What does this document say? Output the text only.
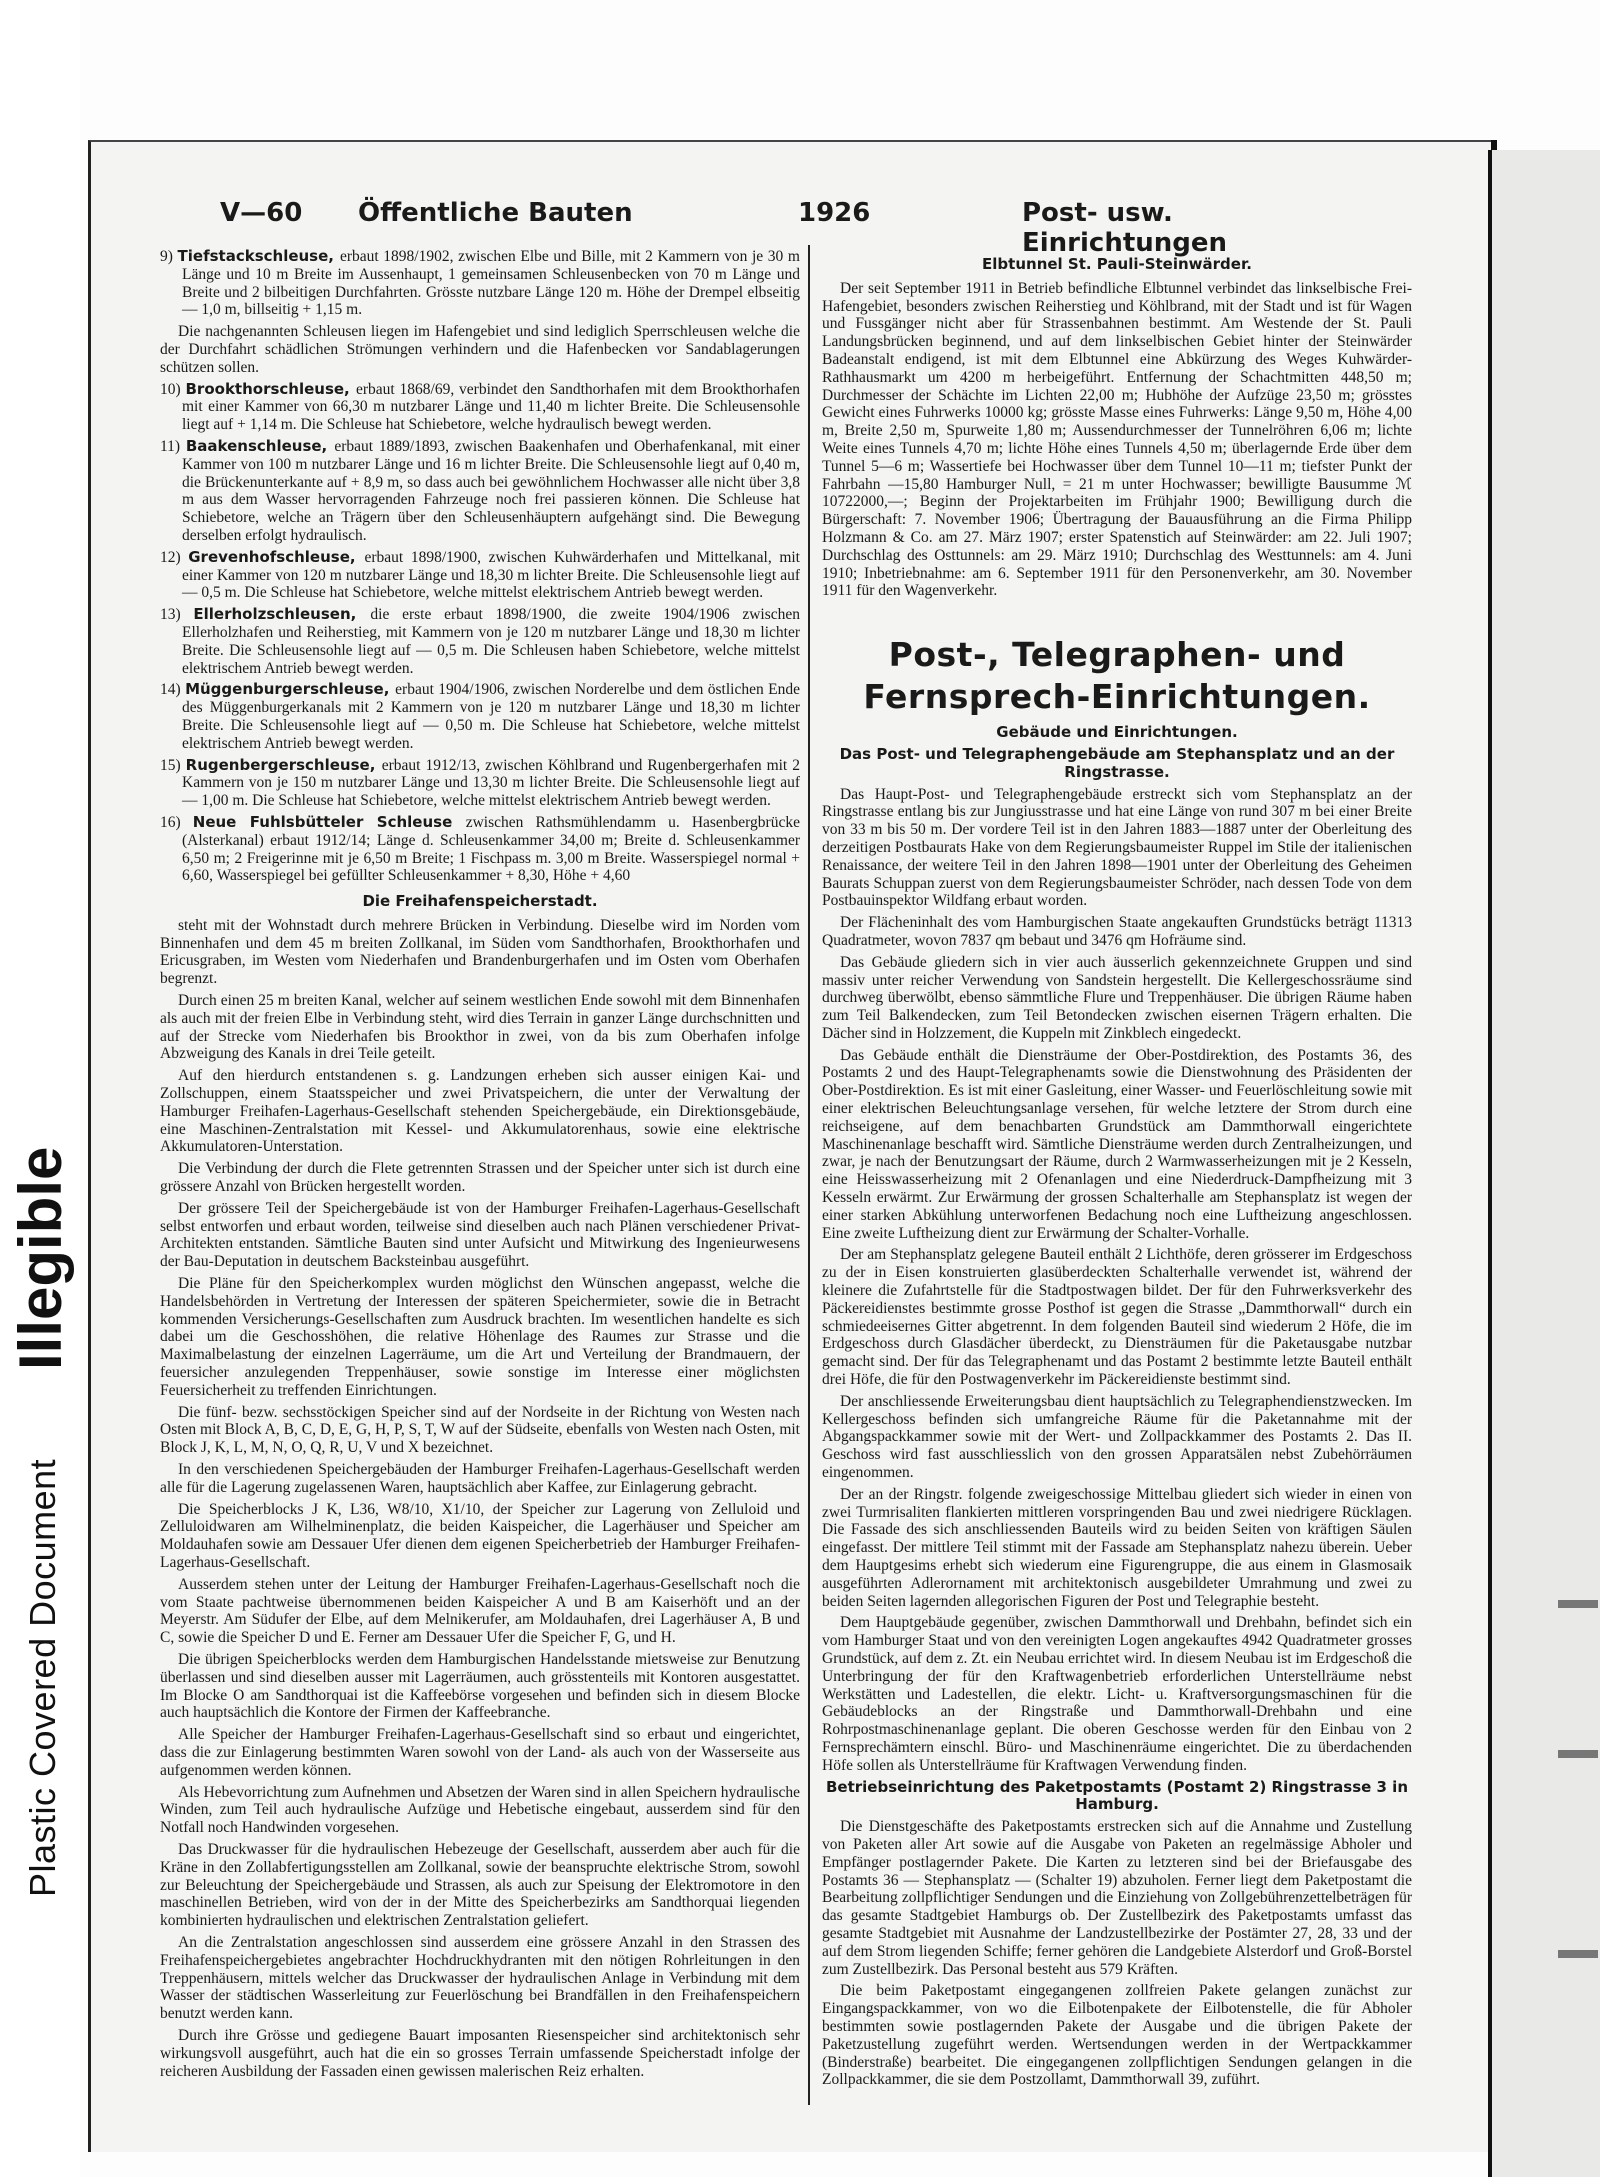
Illegible
Plastic Covered Document
V—60 Öffentliche Bauten	1926	Post- usw. Einrichtungen
9) Tiefstackschleuse, erbaut 1898/1902, zwischen Elbe und Bille, mit 2 Kammern von je 30 m Länge und 10 m Breite im Aussenhaupt, 1 gemeinsamen Schleusenbecken von 70 m Länge und Breite und 2 bilbeitigen Durchfahrten. Grösste nutzbare Länge 120 m. Höhe der Drempel elbseitig — 1,0 m, billseitig + 1,15 m.
Die nachgenannten Schleusen liegen im Hafengebiet und sind lediglich Sperrschleusen welche die der Durchfahrt schädlichen Strömungen verhindern und die Hafenbecken vor Sandablagerungen schützen sollen.
10) Brookthorschleuse, erbaut 1868/69, verbindet den Sandthorhafen mit dem Brookthorhafen mit einer Kammer von 66,30 m nutzbarer Länge und 11,40 m lichter Breite. Die Schleusensohle liegt auf + 1,14 m. Die Schleuse hat Schiebetore, welche hydraulisch bewegt werden.
11) Baakenschleuse, erbaut 1889/1893, zwischen Baakenhafen und Oberhafenkanal, mit einer Kammer von 100 m nutzbarer Länge und 16 m lichter Breite. Die Schleusensohle liegt auf 0,40 m, die Brückenunterkante auf + 8,9 m, so dass auch bei gewöhnlichem Hochwasser alle nicht über 3,8 m aus dem Wasser hervorragenden Fahrzeuge noch frei passieren können. Die Schleuse hat Schiebetore, welche an Trägern über den Schleusenhäuptern aufgehängt sind. Die Bewegung derselben erfolgt hydraulisch.
12) Grevenhofschleuse, erbaut 1898/1900, zwischen Kuhwärderhafen und Mittelkanal, mit einer Kammer von 120 m nutzbarer Länge und 18,30 m lichter Breite. Die Schleusensohle liegt auf — 0,5 m. Die Schleuse hat Schiebetore, welche mittelst elektrischem Antrieb bewegt werden.
13) Ellerholzschleusen, die erste erbaut 1898/1900, die zweite 1904/1906 zwischen Ellerholzhafen und Reiherstieg, mit Kammern von je 120 m nutzbarer Länge und 18,30 m lichter Breite. Die Schleusensohle liegt auf — 0,5 m. Die Schleusen haben Schiebetore, welche mittelst elektrischem Antrieb bewegt werden.
14) Müggenburgerschleuse, erbaut 1904/1906, zwischen Norderelbe und dem östlichen Ende des Müggenburgerkanals mit 2 Kammern von je 120 m nutzbarer Länge und 18,30 m lichter Breite. Die Schleusensohle liegt auf — 0,50 m. Die Schleuse hat Schiebetore, welche mittelst elektrischem Antrieb bewegt werden.
15) Rugenbergerschleuse, erbaut 1912/13, zwischen Köhlbrand und Rugenbergerhafen mit 2 Kammern von je 150 m nutzbarer Länge und 13,30 m lichter Breite. Die Schleusensohle liegt auf — 1,00 m. Die Schleuse hat Schiebetore, welche mittelst elektrischem Antrieb bewegt werden.
16) Neue Fuhlsbütteler Schleuse zwischen Rathsmühlendamm u. Hasenbergbrücke (Alsterkanal) erbaut 1912/14; Länge d. Schleusenkammer 34,00 m; Breite d. Schleusenkammer 6,50 m; 2 Freigerinne mit je 6,50 m Breite; 1 Fischpass m. 3,00 m Breite. Wasserspiegel normal + 6,60, Wasserspiegel bei gefüllter Schleusenkammer + 8,30, Höhe + 4,60
Die Freihafenspeicherstadt.

steht mit der Wohnstadt durch mehrere Brücken in Verbindung. Dieselbe wird im Norden vom Binnenhafen und dem 45 m breiten Zollkanal, im Süden vom Sandthorhafen, Brookthorhafen und Ericusgraben, im Westen vom Niederhafen und Brandenburgerhafen und im Osten vom Oberhafen begrenzt.

Durch einen 25 m breiten Kanal, welcher auf seinem westlichen Ende sowohl mit dem Binnenhafen als auch mit der freien Elbe in Verbindung steht, wird dies Terrain in ganzer Länge durchschnitten und auf der Strecke vom Niederhafen bis Brookthor in zwei, von da bis zum Oberhafen infolge Abzweigung des Kanals in drei Teile geteilt.

Auf den hierdurch entstandenen s. g. Landzungen erheben sich ausser einigen Kai- und Zollschuppen, einem Staatsspeicher und zwei Privatspeichern, die unter der Verwaltung der Hamburger Freihafen-Lagerhaus-Gesellschaft stehenden Speichergebäude, ein Direktionsgebäude, eine Maschinen-Zentralstation mit Kessel- und Akkumulatorenhaus, sowie eine elektrische Akkumulatoren-Unterstation.

Die Verbindung der durch die Flete getrennten Strassen und der Speicher unter sich ist durch eine grössere Anzahl von Brücken hergestellt worden.

Der grössere Teil der Speichergebäude ist von der Hamburger Freihafen-Lagerhaus-Gesellschaft selbst entworfen und erbaut worden, teilweise sind dieselben auch nach Plänen verschiedener Privat-Architekten entstanden. Sämtliche Bauten sind unter Aufsicht und Mitwirkung des Ingenieurwesens der Bau-Deputation in deutschem Backsteinbau ausgeführt.

Die Pläne für den Speicherkomplex wurden möglichst den Wünschen angepasst, welche die Handelsbehörden in Vertretung der Interessen der späteren Speichermieter, sowie die in Betracht kommenden Versicherungs-Gesellschaften zum Ausdruck brachten. Im wesentlichen handelte es sich dabei um die Geschosshöhen, die relative Höhenlage des Raumes zur Strasse und die Maximalbelastung der einzelnen Lagerräume, um die Art und Verteilung der Brandmauern, der feuersicher anzulegenden Treppenhäuser, sowie sonstige im Interesse einer möglichsten Feuersicherheit zu treffenden Einrichtungen.

Die fünf- bezw. sechsstöckigen Speicher sind auf der Nordseite in der Richtung von Westen nach Osten mit Block A, B, C, D, E, G, H, P, S, T, W auf der Südseite, ebenfalls von Westen nach Osten, mit Block J, K, L, M, N, O, Q, R, U, V und X bezeichnet.

In den verschiedenen Speichergebäuden der Hamburger Freihafen-Lagerhaus-Gesellschaft werden alle für die Lagerung zugelassenen Waren, hauptsächlich aber Kaffee, zur Einlagerung gebracht.

Die Speicherblocks J K, L36, W8/10, X1/10, der Speicher zur Lagerung von Zelluloid und Zelluloidwaren am Wilhelminenplatz, die beiden Kaispeicher, die Lagerhäuser und Speicher am Moldauhafen sowie am Dessauer Ufer dienen dem eigenen Speicherbetrieb der Hamburger Freihafen-Lagerhaus-Gesellschaft.

Ausserdem stehen unter der Leitung der Hamburger Freihafen-Lagerhaus-Gesellschaft noch die vom Staate pachtweise übernommenen beiden Kaispeicher A und B am Kaiserhöft und an der Meyerstr. Am Südufer der Elbe, auf dem Melnikerufer, am Moldauhafen, drei Lagerhäuser A, B und C, sowie die Speicher D und E. Ferner am Dessauer Ufer die Speicher F, G, und H.

Die übrigen Speicherblocks werden dem Hamburgischen Handelsstande mietsweise zur Benutzung überlassen und sind dieselben ausser mit Lagerräumen, auch grösstenteils mit Kontoren ausgestattet. Im Blocke O am Sandthorquai ist die Kaffeebörse vorgesehen und befinden sich in diesem Blocke auch hauptsächlich die Kontore der Firmen der Kaffeebranche.

Alle Speicher der Hamburger Freihafen-Lagerhaus-Gesellschaft sind so erbaut und eingerichtet, dass die zur Einlagerung bestimmten Waren sowohl von der Land- als auch von der Wasserseite aus aufgenommen werden können.

Als Hebevorrichtung zum Aufnehmen und Absetzen der Waren sind in allen Speichern hydraulische Winden, zum Teil auch hydraulische Aufzüge und Hebetische eingebaut, ausserdem sind für den Notfall noch Handwinden vorgesehen.

Das Druckwasser für die hydraulischen Hebezeuge der Gesellschaft, ausserdem aber auch für die Kräne in den Zollabfertigungsstellen am Zollkanal, sowie der beanspruchte elektrische Strom, sowohl zur Beleuchtung der Speichergebäude und Strassen, als auch zur Speisung der Elektromotore in den maschinellen Betrieben, wird von der in der Mitte des Speicherbezirks am Sandthorquai liegenden kombinierten hydraulischen und elektrischen Zentralstation geliefert.

An die Zentralstation angeschlossen sind ausserdem eine grössere Anzahl in den Strassen des Freihafenspeichergebietes angebrachter Hochdruckhydranten mit den nötigen Rohrleitungen in den Treppenhäusern, mittels welcher das Druckwasser der hydraulischen Anlage in Verbindung mit dem Wasser der städtischen Wasserleitung zur Feuerlöschung bei Brandfällen in den Freihafenspeichern benutzt werden kann.

Durch ihre Grösse und gediegene Bauart imposanten Riesenspeicher sind architektonisch sehr wirkungsvoll ausgeführt, auch hat die ein so grosses Terrain umfassende Speicherstadt infolge der reicheren Ausbildung der Fassaden einen gewissen malerischen Reiz erhalten.

Elbtunnel St. Pauli-Steinwärder.

Der seit September 1911 in Betrieb befindliche Elbtunnel verbindet das linkselbische Frei-Hafengebiet, besonders zwischen Reiherstieg und Köhlbrand, mit der Stadt und ist für Wagen und Fussgänger nicht aber für Strassenbahnen bestimmt. Am Westende der St. Pauli Landungsbrücken beginnend, und auf dem linkselbischen Gebiet hinter der Steinwärder Badeanstalt endigend, ist mit dem Elbtunnel eine Abkürzung des Weges Kuhwärder-Rathhausmarkt um 4200 m herbeigeführt. Entfernung der Schachtmitten 448,50 m; Durchmesser der Schächte im Lichten 22,00 m; Hubhöhe der Aufzüge 23,50 m; grösstes Gewicht eines Fuhrwerks 10000 kg; grösste Masse eines Fuhrwerks: Länge 9,50 m, Höhe 4,00 m, Breite 2,50 m, Spurweite 1,80 m; Aussendurchmesser der Tunnelröhren 6,06 m; lichte Weite eines Tunnels 4,70 m; lichte Höhe eines Tunnels 4,50 m; überlagernde Erde über dem Tunnel 5—6 m; Wassertiefe bei Hochwasser über dem Tunnel 10—11 m; tiefster Punkt der Fahrbahn —15,80 Hamburger Null, = 21 m unter Hochwasser; bewilligte Bausumme ℳ 10722000,—; Beginn der Projektarbeiten im Frühjahr 1900; Bewilligung durch die Bürgerschaft: 7. November 1906; Übertragung der Bauausführung an die Firma Philipp Holzmann & Co. am 27. März 1907; erster Spatenstich auf Steinwärder: am 22. Juli 1907; Durchschlag des Osttunnels: am 29. März 1910; Durchschlag des Westtunnels: am 4. Juni 1910; Inbetriebnahme: am 6. September 1911 für den Personenverkehr, am 30. November 1911 für den Wagenverkehr.

Post-, Telegraphen- und
Fernsprech-Einrichtungen.
Gebäude und Einrichtungen.
Das Post- und Telegraphengebäude am Stephansplatz und an der Ringstrasse.

Das Haupt-Post- und Telegraphengebäude erstreckt sich vom Stephansplatz an der Ringstrasse entlang bis zur Jungiusstrasse und hat eine Länge von rund 307 m bei einer Breite von 33 m bis 50 m. Der vordere Teil ist in den Jahren 1883—1887 unter der Oberleitung des derzeitigen Postbaurats Hake von dem Regierungsbaumeister Ruppel im Stile der italienischen Renaissance, der weitere Teil in den Jahren 1898—1901 unter der Oberleitung des Geheimen Baurats Schuppan zuerst von dem Regierungsbaumeister Schröder, nach dessen Tode von dem Postbauinspektor Wildfang erbaut worden.

Der Flächeninhalt des vom Hamburgischen Staate angekauften Grundstücks beträgt 11313 Quadratmeter, wovon 7837 qm bebaut und 3476 qm Hofräume sind.

Das Gebäude gliedern sich in vier auch äusserlich gekennzeichnete Gruppen und sind massiv unter reicher Verwendung von Sandstein hergestellt. Die Kellergeschossräume sind durchweg überwölbt, ebenso sämmtliche Flure und Treppenhäuser. Die übrigen Räume haben zum Teil Balkendecken, zum Teil Betondecken zwischen eisernen Trägern erhalten. Die Dächer sind in Holzzement, die Kuppeln mit Zinkblech eingedeckt.

Das Gebäude enthält die Diensträume der Ober-Postdirektion, des Postamts 36, des Postamts 2 und des Haupt-Telegraphenamts sowie die Dienstwohnung des Präsidenten der Ober-Postdirektion. Es ist mit einer Gasleitung, einer Wasser- und Feuerlöschleitung sowie mit einer elektrischen Beleuchtungsanlage versehen, für welche letztere der Strom durch eine reichseigene, auf dem benachbarten Grundstück am Dammthorwall eingerichtete Maschinenanlage beschafft wird. Sämtliche Diensträume werden durch Zentralheizungen, und zwar, je nach der Benutzungsart der Räume, durch 2 Warmwasserheizungen mit je 2 Kesseln, eine Heisswasserheizung mit 2 Ofenanlagen und eine Niederdruck-Dampfheizung mit 3 Kesseln erwärmt. Zur Erwärmung der grossen Schalterhalle am Stephansplatz ist wegen der einer starken Abkühlung unterworfenen Bedachung noch eine Luftheizung angeschlossen. Eine zweite Luftheizung dient zur Erwärmung der Schalter-Vorhalle.

Der am Stephansplatz gelegene Bauteil enthält 2 Lichthöfe, deren grösserer im Erdgeschoss zu der in Eisen konstruierten glasüberdeckten Schalterhalle verwendet ist, während der kleinere die Zufahrtstelle für die Stadtpostwagen bildet. Der für den Fuhrwerksverkehr des Päckereidienstes bestimmte grosse Posthof ist gegen die Strasse „Dammthorwall“ durch ein schmiedeeisernes Gitter abgetrennt. In dem folgenden Bauteil sind wiederum 2 Höfe, die im Erdgeschoss durch Glasdächer überdeckt, zu Diensträumen für die Paketausgabe nutzbar gemacht sind. Der für das Telegraphenamt und das Postamt 2 bestimmte letzte Bauteil enthält drei Höfe, die für den Postwagenverkehr im Päckereidienste bestimmt sind.

Der anschliessende Erweiterungsbau dient hauptsächlich zu Telegraphendienstzwecken. Im Kellergeschoss befinden sich umfangreiche Räume für die Paketannahme mit der Abgangspackkammer sowie mit der Wert- und Zollpackkammer des Postamts 2. Das II. Geschoss wird fast ausschliesslich von den grossen Apparatsälen nebst Zubehörräumen eingenommen.

Der an der Ringstr. folgende zweigeschossige Mittelbau gliedert sich wieder in einen von zwei Turmrisaliten flankierten mittleren vorspringenden Bau und zwei niedrigere Rücklagen. Die Fassade des sich anschliessenden Bauteils wird zu beiden Seiten von kräftigen Säulen eingefasst. Der mittlere Teil stimmt mit der Fassade am Stephansplatz nahezu überein. Ueber dem Hauptgesims erhebt sich wiederum eine Figurengruppe, die aus einem in Glasmosaik ausgeführten Adlerornament mit architektonisch ausgebildeter Umrahmung und zwei zu beiden Seiten lagernden allegorischen Figuren der Post und Telegraphie besteht.

Dem Hauptgebäude gegenüber, zwischen Dammthorwall und Drehbahn, befindet sich ein vom Hamburger Staat und von den vereinigten Logen angekauftes 4942 Quadratmeter grosses Grundstück, auf dem z. Zt. ein Neubau errichtet wird. In diesem Neubau ist im Erdgeschoß die Unterbringung der für den Kraftwagenbetrieb erforderlichen Unterstellräume nebst Werkstätten und Ladestellen, die elektr. Licht- u. Kraftversorgungsmaschinen für die Gebäudeblocks an der Ringstraße und Dammthorwall-Drehbahn und eine Rohrpostmaschinenanlage geplant. Die oberen Geschosse werden für den Einbau von 2 Fernsprechämtern einschl. Büro- und Maschinenräume eingerichtet. Die zu überdachenden Höfe sollen als Unterstellräume für Kraftwagen Verwendung finden.

Betriebseinrichtung des Paketpostamts (Postamt 2) Ringstrasse 3 in Hamburg.

Die Dienstgeschäfte des Paketpostamts erstrecken sich auf die Annahme und Zustellung von Paketen aller Art sowie auf die Ausgabe von Paketen an regelmässige Abholer und Empfänger postlagernder Pakete. Die Karten zu letzteren sind bei der Briefausgabe des Postamts 36 — Stephansplatz — (Schalter 19) abzuholen. Ferner liegt dem Paketpostamt die Bearbeitung zollpflichtiger Sendungen und die Einziehung von Zollgebührenzettelbeträgen für das gesamte Stadtgebiet Hamburgs ob. Der Zustellbezirk des Paketpostamts umfasst das gesamte Stadtgebiet mit Ausnahme der Landzustellbezirke der Postämter 27, 28, 33 und der auf dem Strom liegenden Schiffe; ferner gehören die Landgebiete Alsterdorf und Groß-Borstel zum Zustellbezirk. Das Personal besteht aus 579 Kräften.

Die beim Paketpostamt eingegangenen zollfreien Pakete gelangen zunächst zur Eingangspackkammer, von wo die Eilbotenpakete der Eilbotenstelle, die für Abholer bestimmten sowie postlagernden Pakete der Ausgabe und die übrigen Pakete der Paketzustellung zugeführt werden. Wertsendungen werden in der Wertpackkammer (Binderstraße) bearbeitet. Die eingegangenen zollpflichtigen Sendungen gelangen in die Zollpackkammer, die sie dem Postzollamt, Dammthorwall 39, zuführt.
